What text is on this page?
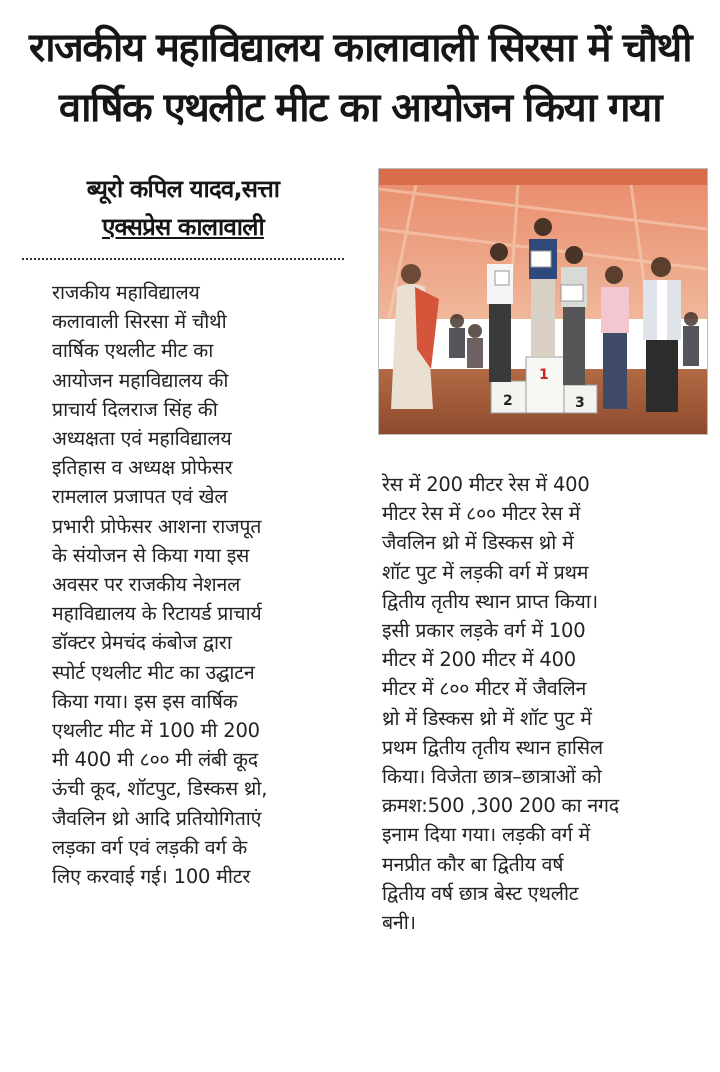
राजकीय महाविद्यालय कालावाली सिरसा में चौथी
वार्षिक एथलीट मीट का आयोजन किया गया
ब्यूरो कपिल यादव,सत्ता
एक्सप्रेस कालावाली
2
1
3
राजकीय महाविद्यालय
कलावाली सिरसा में चौथी
वार्षिक एथलीट मीट का
आयोजन महाविद्यालय की
प्राचार्य दिलराज सिंह की
अध्यक्षता एवं महाविद्यालय
इतिहास व अध्यक्ष प्रोफेसर
रामलाल प्रजापत एवं खेल
प्रभारी प्रोफेसर आशना राजपूत
के संयोजन से किया गया इस
अवसर पर राजकीय नेशनल
महाविद्यालय के रिटायर्ड प्राचार्य
डॉक्टर प्रेमचंद कंबोज द्वारा
स्पोर्ट एथलीट मीट का उद्घाटन
किया गया। इस इस वार्षिक
एथलीट मीट में 100 मी 200
मी 400 मी ८०० मी लंबी कूद
ऊंची कूद, शॉटपुट, डिस्कस थ्रो,
जैवलिन थ्रो आदि प्रतियोगिताएं
लड़का वर्ग एवं लड़की वर्ग के
लिए करवाई गई। 100 मीटर
रेस में 200 मीटर रेस में 400
मीटर रेस में ८०० मीटर रेस में
जैवलिन थ्रो में डिस्कस थ्रो में
शॉट पुट में लड़की वर्ग में प्रथम
द्वितीय तृतीय स्थान प्राप्त किया।
इसी प्रकार लड़के वर्ग में 100
मीटर में 200 मीटर में 400
मीटर में ८०० मीटर में जैवलिन
थ्रो में डिस्कस थ्रो में शॉट पुट में
प्रथम द्वितीय तृतीय स्थान हासिल
किया। विजेता छात्र–छात्राओं को
क्रमश:500 ,300 200 का नगद
इनाम दिया गया। लड़की वर्ग में
मनप्रीत कौर बा द्वितीय वर्ष
द्वितीय वर्ष छात्र बेस्ट एथलीट
बनी।
